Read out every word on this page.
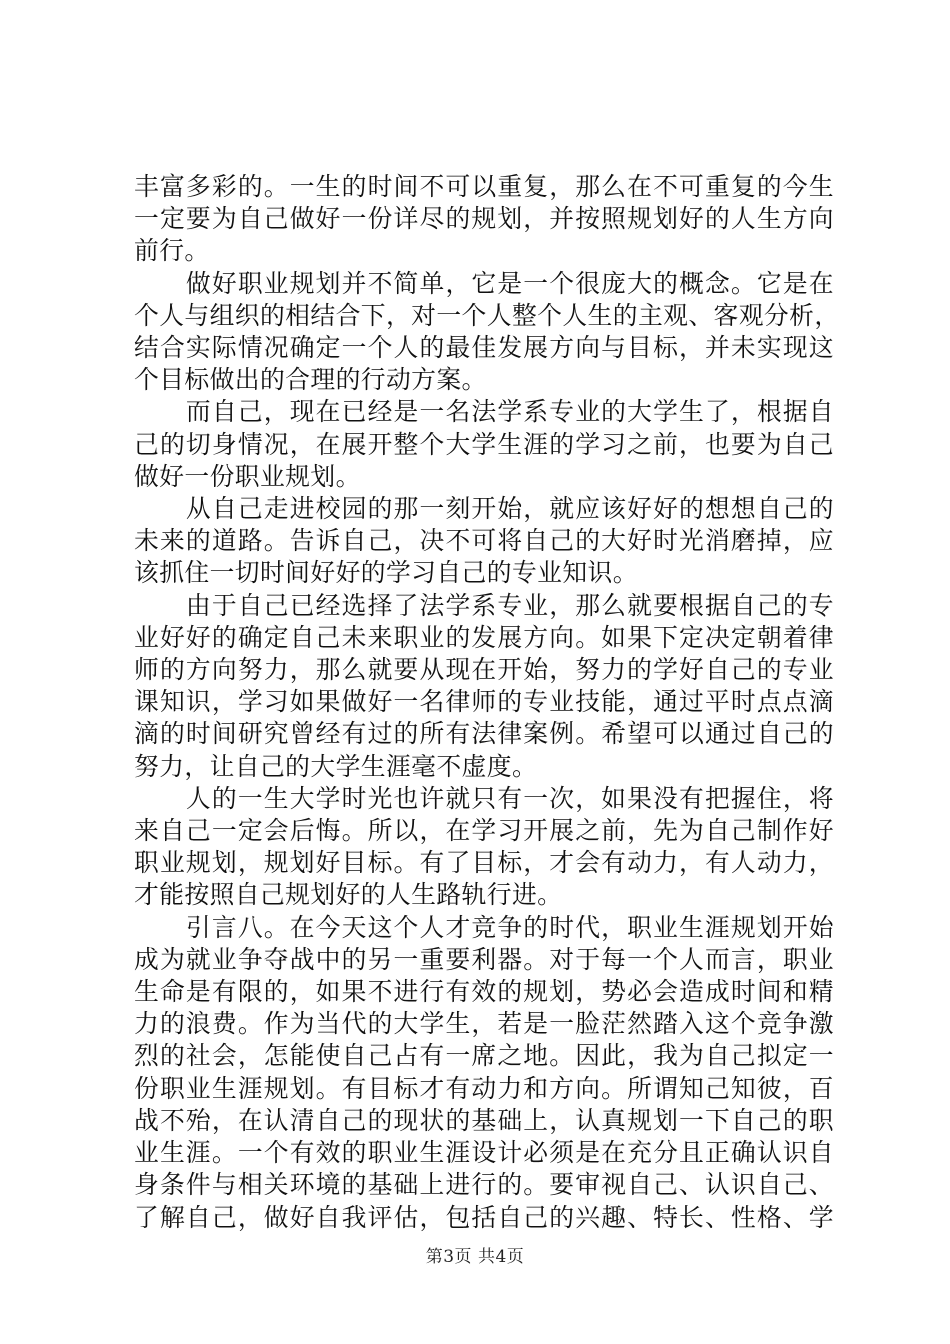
丰富多彩的。一生的时间不可以重复，那么在不可重复的今生
一定要为自己做好一份详尽的规划，并按照规划好的人生方向
前行。
　　做好职业规划并不简单，它是一个很庞大的概念。它是在
个人与组织的相结合下，对一个人整个人生的主观、客观分析，
结合实际情况确定一个人的最佳发展方向与目标，并未实现这
个目标做出的合理的行动方案。
　　而自己，现在已经是一名法学系专业的大学生了，根据自
己的切身情况，在展开整个大学生涯的学习之前，也要为自己
做好一份职业规划。
　　从自己走进校园的那一刻开始，就应该好好的想想自己的
未来的道路。告诉自己，决不可将自己的大好时光消磨掉，应
该抓住一切时间好好的学习自己的专业知识。
　　由于自己已经选择了法学系专业，那么就要根据自己的专
业好好的确定自己未来职业的发展方向。如果下定决定朝着律
师的方向努力，那么就要从现在开始，努力的学好自己的专业
课知识，学习如果做好一名律师的专业技能，通过平时点点滴
滴的时间研究曾经有过的所有法律案例。希望可以通过自己的
努力，让自己的大学生涯毫不虚度。
　　人的一生大学时光也许就只有一次，如果没有把握住，将
来自己一定会后悔。所以，在学习开展之前，先为自己制作好
职业规划，规划好目标。有了目标，才会有动力，有人动力，
才能按照自己规划好的人生路轨行进。
　　引言八。在今天这个人才竞争的时代，职业生涯规划开始
成为就业争夺战中的另一重要利器。对于每一个人而言，职业
生命是有限的，如果不进行有效的规划，势必会造成时间和精
力的浪费。作为当代的大学生，若是一脸茫然踏入这个竞争激
烈的社会，怎能使自己占有一席之地。因此，我为自己拟定一
份职业生涯规划。有目标才有动力和方向。所谓知己知彼，百
战不殆，在认清自己的现状的基础上，认真规划一下自己的职
业生涯。一个有效的职业生涯设计必须是在充分且正确认识自
身条件与相关环境的基础上进行的。要审视自己、认识自己、
了解自己，做好自我评估，包括自己的兴趣、特长、性格、学
第3页 共4页
